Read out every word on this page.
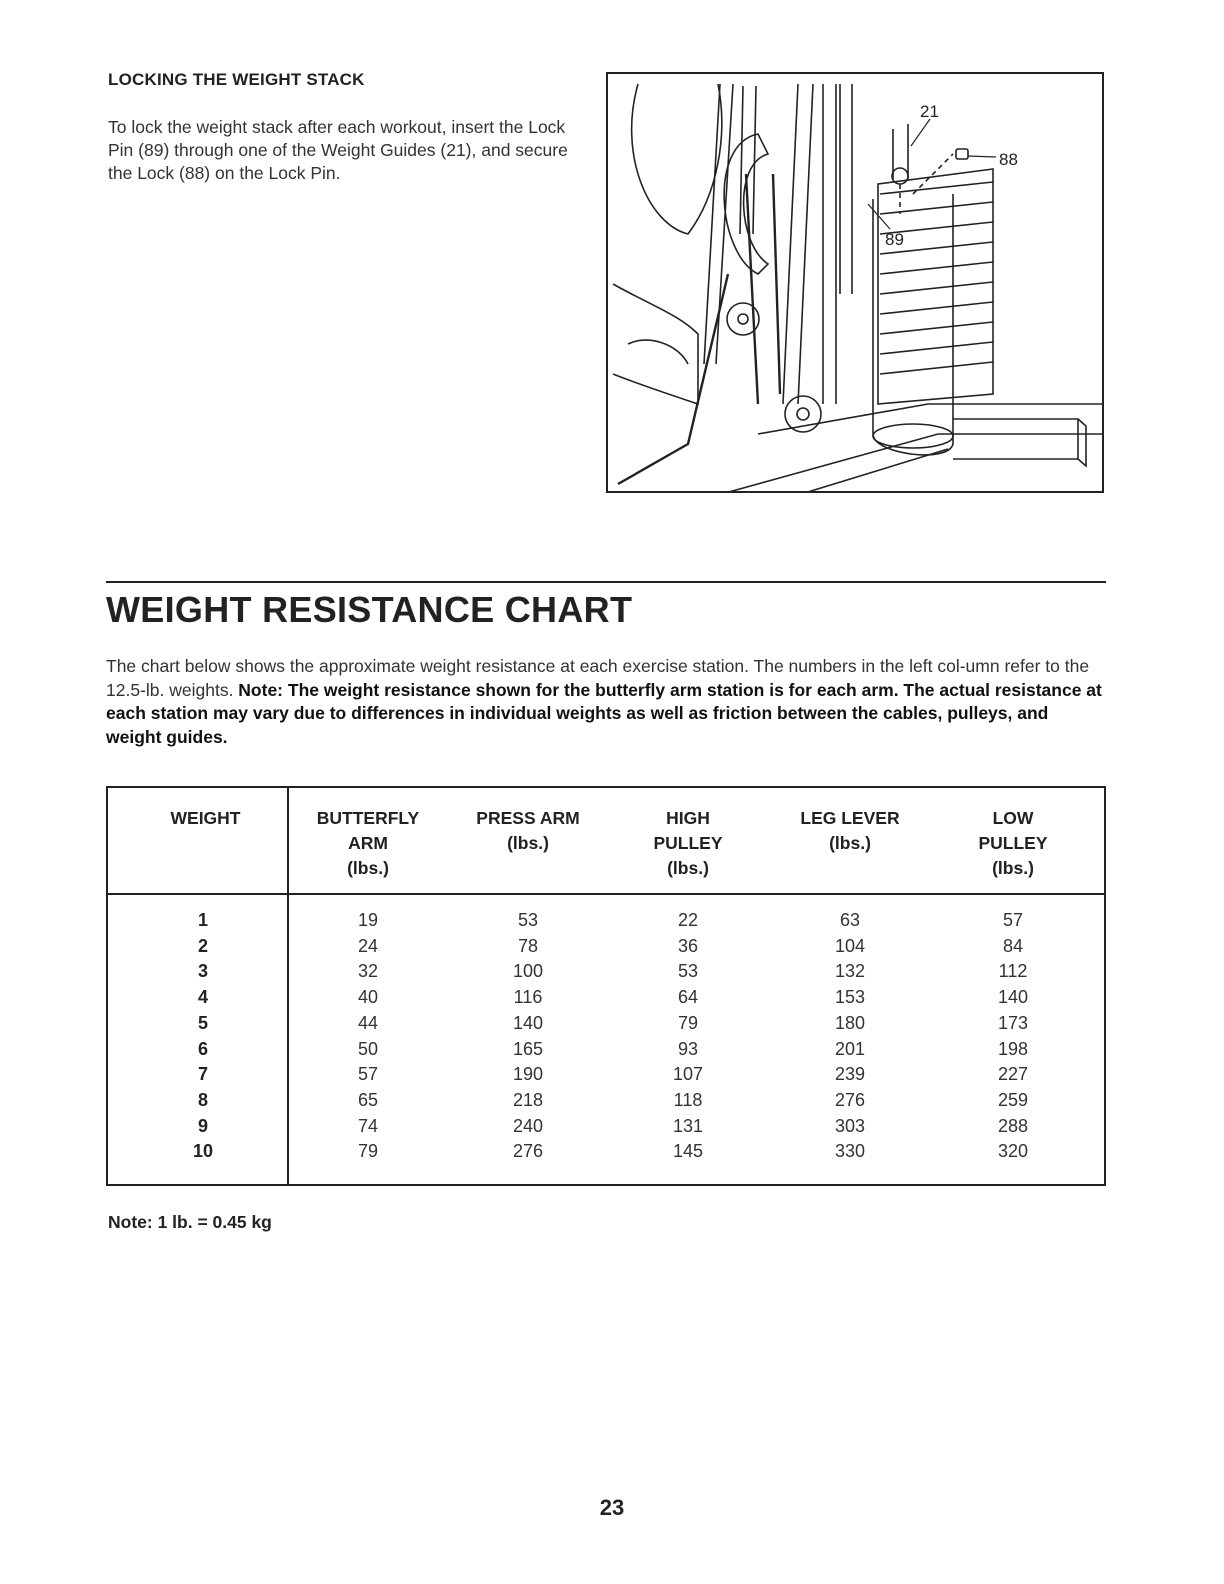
LOCKING THE WEIGHT STACK
To lock the weight stack after each workout, insert the Lock Pin (89) through one of the Weight Guides (21), and secure the Lock (88) on the Lock Pin.
21
88
89
WEIGHT RESISTANCE CHART
The chart below shows the approximate weight resistance at each exercise station. The numbers in the left col-umn refer to the 12.5-lb. weights. Note: The weight resistance shown for the butterfly arm station is for each arm. The actual resistance at each station may vary due to differences in individual weights as well as friction between the cables, pulleys, and weight guides.
WEIGHT	BUTTERFLY
ARM
(lbs.)
PRESS ARM
(lbs.)
HIGH
PULLEY
(lbs.)
LEG LEVER
(lbs.)
LOW
PULLEY
(lbs.)
1
2
3
4
5
6
7
8
9
10
19
24
32
40
44
50
57
65
74
79
53
78
100
116
140
165
190
218
240
276
22
36
53
64
79
93
107
118
131
145
63
104
132
153
180
201
239
276
303
330
57
84
112
140
173
198
227
259
288
320
Note: 1 lb. = 0.45 kg
23
